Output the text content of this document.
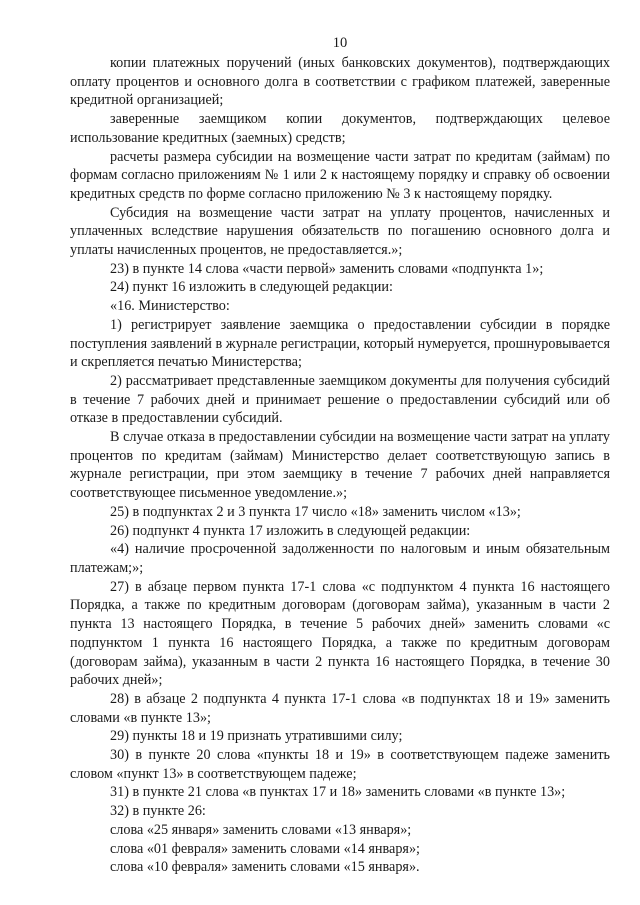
10

копии платежных поручений (иных банковских документов), подтверждающих оплату процентов и основного долга в соответствии с графиком платежей, заверенные кредитной организацией;

заверенные заемщиком копии документов, подтверждающих целевое использование кредитных (заемных) средств;

расчеты размера субсидии на возмещение части затрат по кредитам (займам) по формам согласно приложениям № 1 или 2 к настоящему порядку и справку об освоении кредитных средств по форме согласно приложению № 3 к настоящему порядку.

Субсидия на возмещение части затрат на уплату процентов, начисленных и уплаченных вследствие нарушения обязательств по погашению основного долга и уплаты начисленных процентов, не предоставляется.»;

23) в пункте 14 слова «части первой» заменить словами «подпункта 1»;

24) пункт 16 изложить в следующей редакции:

«16. Министерство:

1) регистрирует заявление заемщика о предоставлении субсидии в порядке поступления заявлений в журнале регистрации, который нумеруется, прошнуровывается и скрепляется печатью Министерства;

2) рассматривает представленные заемщиком документы для получения субсидий в течение 7 рабочих дней и принимает решение о предоставлении субсидий или об отказе в предоставлении субсидий.

В случае отказа в предоставлении субсидии на возмещение части затрат на уплату процентов по кредитам (займам) Министерство делает соответствующую запись в журнале регистрации, при этом заемщику в течение 7 рабочих дней направляется соответствующее письменное уведомление.»;

25) в подпунктах 2 и 3 пункта 17 число «18» заменить числом «13»;

26) подпункт 4 пункта 17 изложить в следующей редакции:

«4) наличие просроченной задолженности по налоговым и иным обязательным платежам;»;

27) в абзаце первом пункта 17-1 слова «с подпунктом 4 пункта 16 настоящего Порядка, а также по кредитным договорам (договорам займа), указанным в части 2 пункта 13 настоящего Порядка, в течение 5 рабочих дней» заменить словами «с подпунктом 1 пункта 16 настоящего Порядка, а также по кредитным договорам (договорам займа), указанным в части 2 пункта 16 настоящего Порядка, в течение 30 рабочих дней»;

28) в абзаце 2 подпункта 4 пункта 17-1 слова «в подпунктах 18 и 19» заменить словами «в пункте 13»;

29) пункты 18 и 19 признать утратившими силу;

30) в пункте 20 слова «пункты 18 и 19» в соответствующем падеже заменить словом «пункт 13» в соответствующем падеже;

31) в пункте 21 слова «в пунктах 17 и 18» заменить словами «в пункте 13»;

32) в пункте 26:

слова «25 января» заменить словами «13 января»;

слова «01 февраля» заменить словами «14 января»;

слова «10 февраля» заменить словами «15 января».
